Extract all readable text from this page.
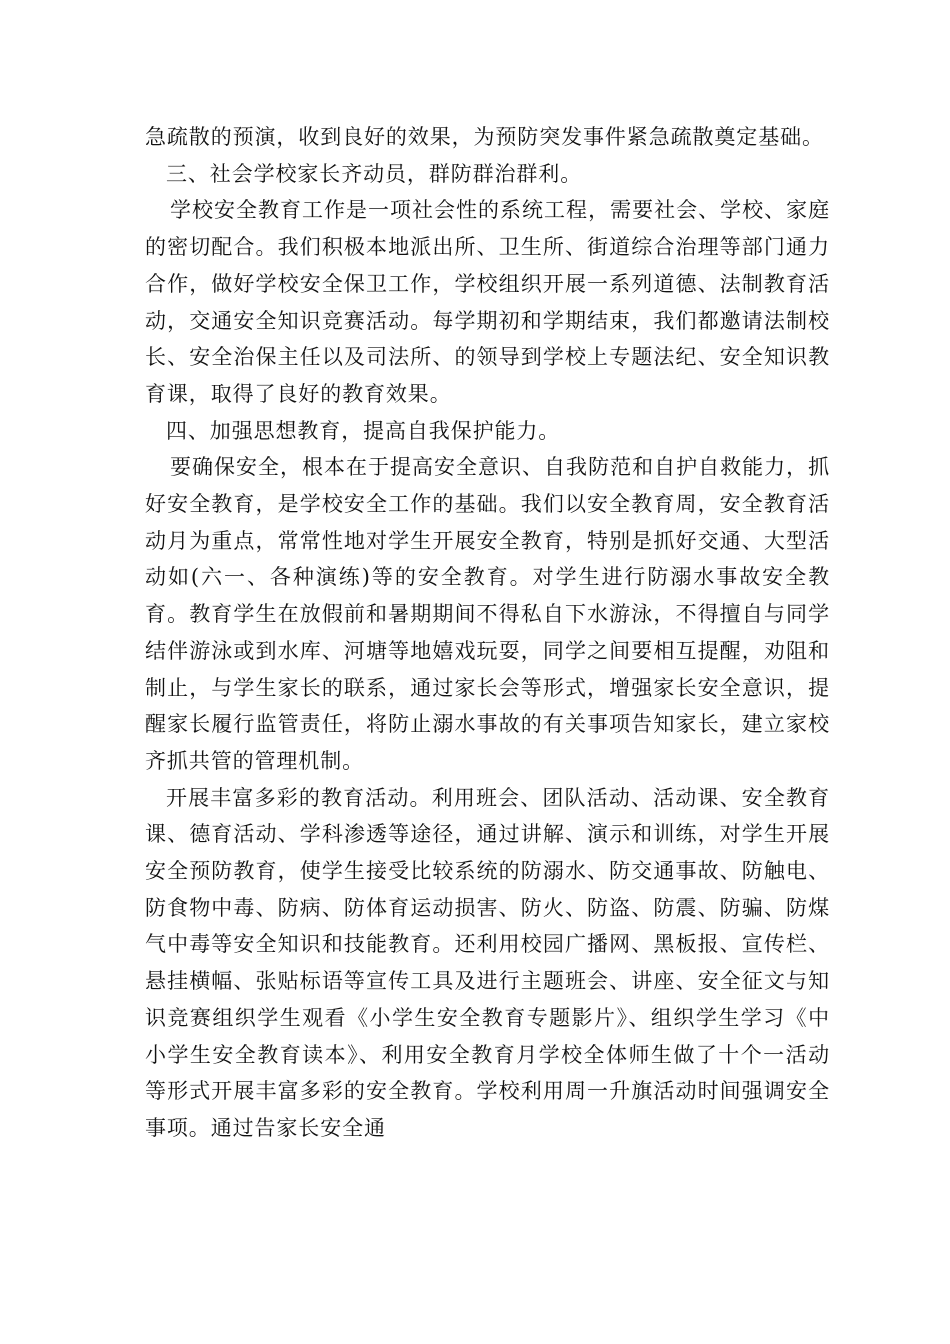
急疏散的预演，收到良好的效果，为预防突发事件紧急疏散奠定基础。

三、社会学校家长齐动员，群防群治群利。

学校安全教育工作是一项社会性的系统工程，需要社会、学校、家庭的密切配合。我们积极本地派出所、卫生所、街道综合治理等部门通力合作，做好学校安全保卫工作，学校组织开展一系列道德、法制教育活动，交通安全知识竞赛活动。每学期初和学期结束，我们都邀请法制校长、安全治保主任以及司法所、的领导到学校上专题法纪、安全知识教育课，取得了良好的教育效果。

四、加强思想教育，提高自我保护能力。

要确保安全，根本在于提高安全意识、自我防范和自护自救能力，抓好安全教育，是学校安全工作的基础。我们以安全教育周，安全教育活动月为重点，常常性地对学生开展安全教育，特别是抓好交通、大型活动如(六一、各种演练)等的安全教育。对学生进行防溺水事故安全教育。教育学生在放假前和暑期期间不得私自下水游泳，不得擅自与同学结伴游泳或到水库、河塘等地嬉戏玩耍，同学之间要相互提醒，劝阻和制止，与学生家长的联系，通过家长会等形式，增强家长安全意识，提醒家长履行监管责任，将防止溺水事故的有关事项告知家长，建立家校齐抓共管的管理机制。

开展丰富多彩的教育活动。利用班会、团队活动、活动课、安全教育课、德育活动、学科渗透等途径，通过讲解、演示和训练，对学生开展安全预防教育，使学生接受比较系统的防溺水、防交通事故、防触电、防食物中毒、防病、防体育运动损害、防火、防盗、防震、防骗、防煤气中毒等安全知识和技能教育。还利用校园广播网、黑板报、宣传栏、悬挂横幅、张贴标语等宣传工具及进行主题班会、讲座、安全征文与知识竞赛组织学生观看《小学生安全教育专题影片》、组织学生学习《中小学生安全教育读本》、利用安全教育月学校全体师生做了十个一活动等形式开展丰富多彩的安全教育。学校利用周一升旗活动时间强调安全事项。通过告家长安全通
